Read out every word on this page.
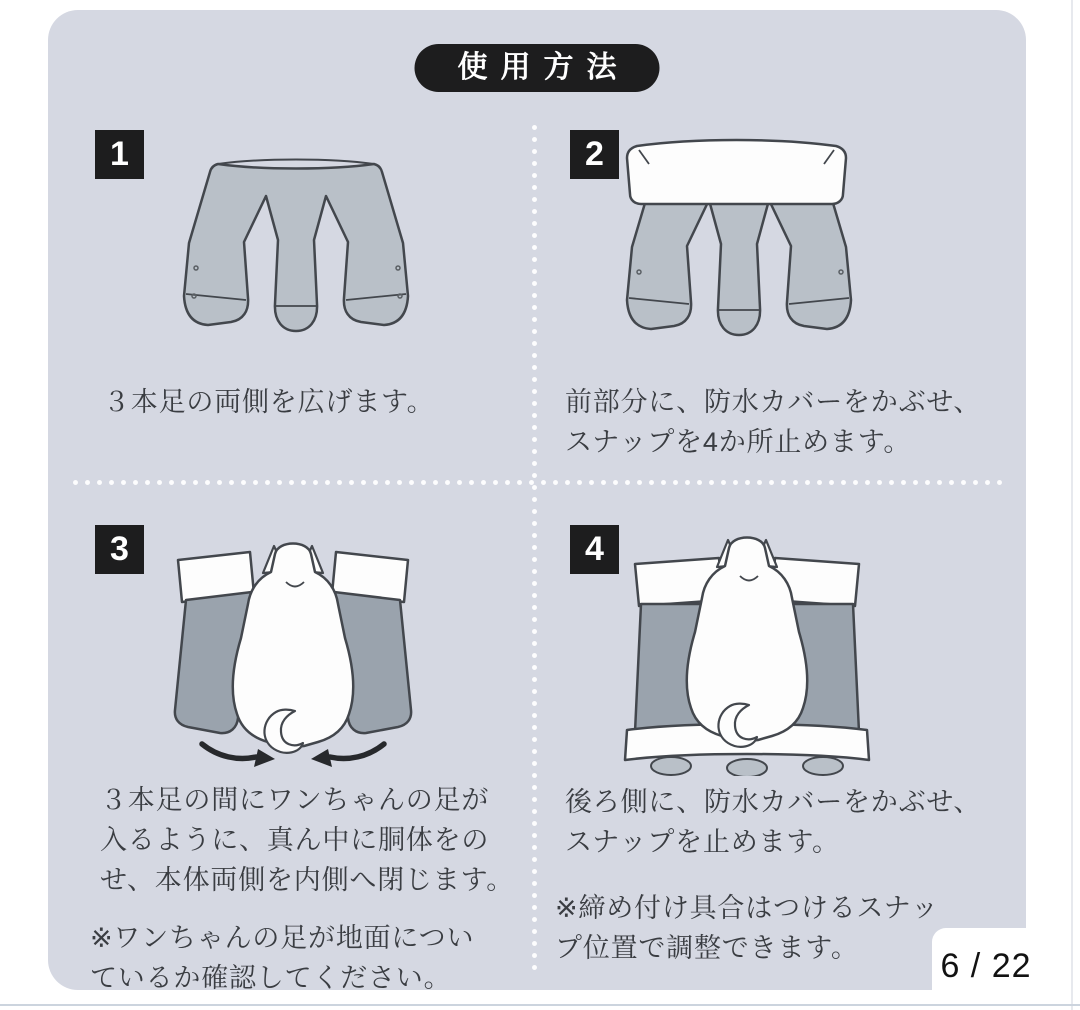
使用方法
1
３本足の両側を広げます。
2
前部分に、防水カバーをかぶせ、
スナップを4か所止めます。
3
３本足の間にワンちゃんの足が
入るように、真ん中に胴体をの
せ、本体両側を内側へ閉じます。
※ワンちゃんの足が地面につい
ているか確認してください。
4
後ろ側に、防水カバーをかぶせ、
スナップを止めます。
※締め付け具合はつけるスナッ
プ位置で調整できます。	6 / 22
